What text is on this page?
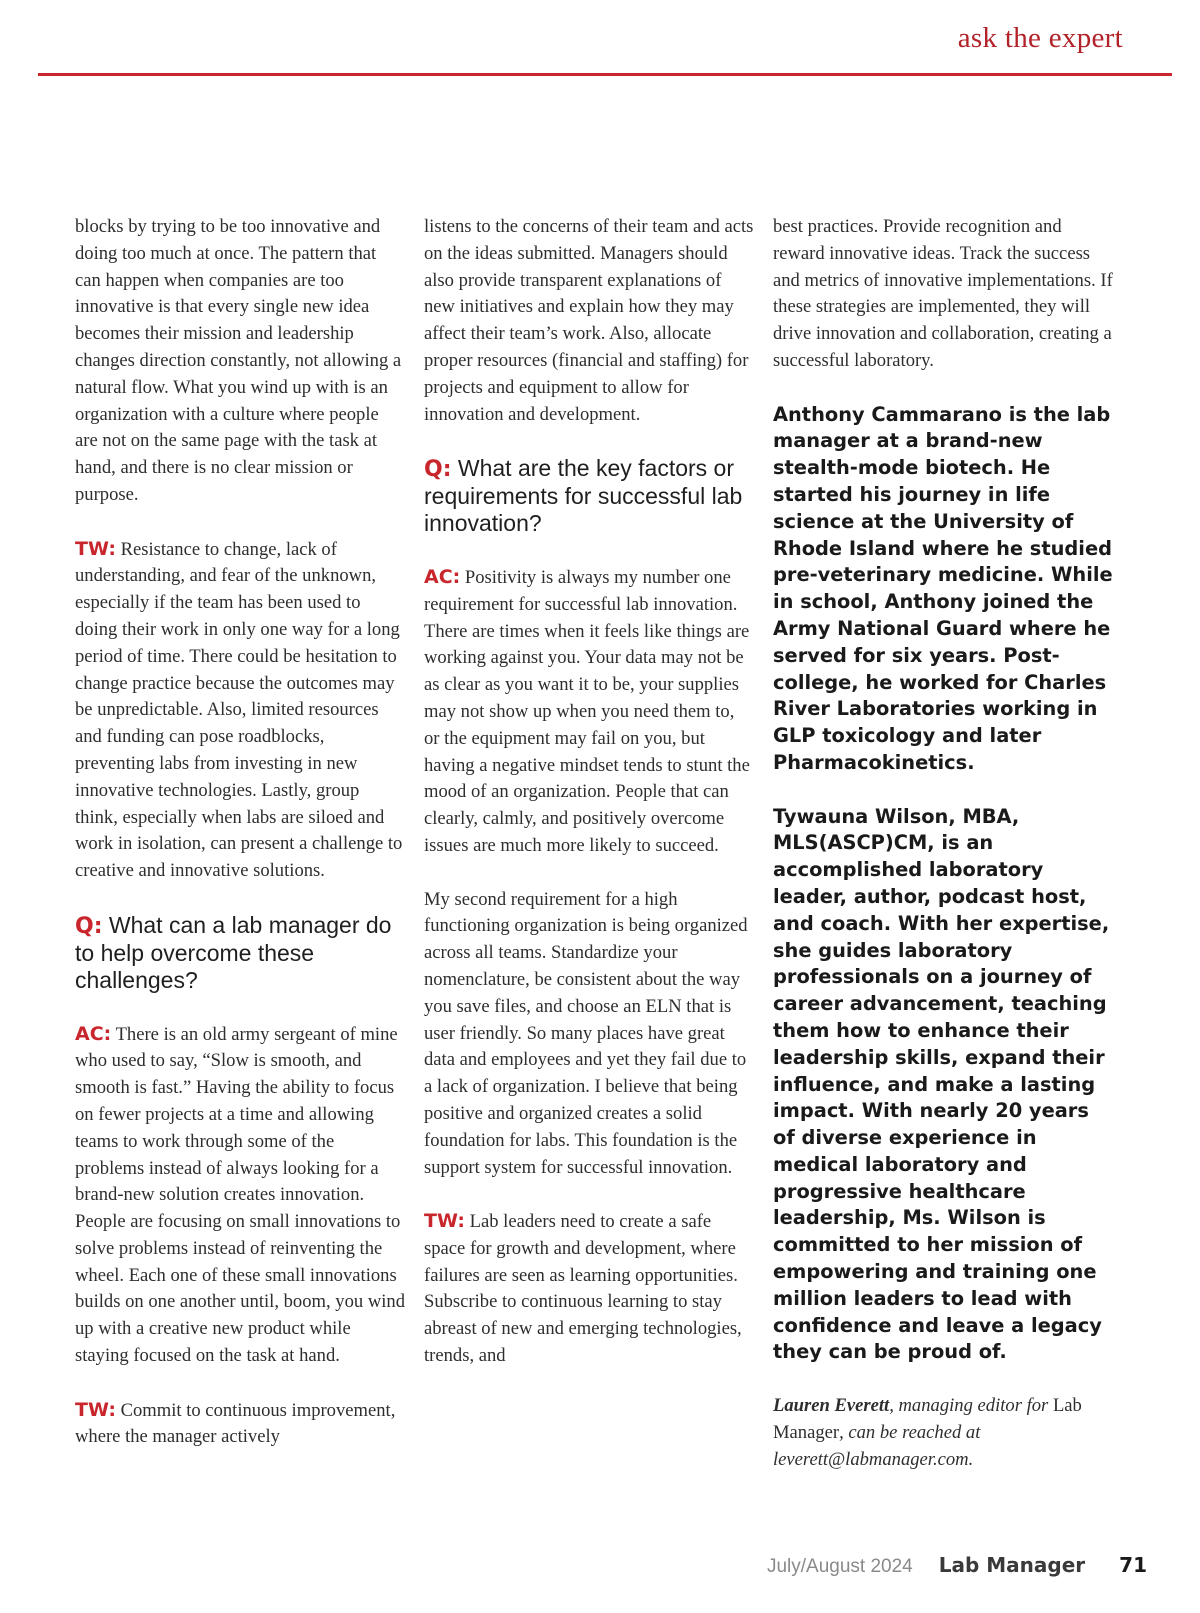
ask the expert

blocks by trying to be too innovative and doing too much at once. The pattern that can happen when companies are too innovative is that every single new idea becomes their mission and leadership changes direction constantly, not allowing a natural flow. What you wind up with is an organization with a culture where people are not on the same page with the task at hand, and there is no clear mission or purpose.

TW: Resistance to change, lack of understanding, and fear of the unknown, especially if the team has been used to doing their work in only one way for a long period of time. There could be hesitation to change practice because the outcomes may be unpredictable. Also, limited resources and funding can pose roadblocks, preventing labs from investing in new innovative technologies. Lastly, group think, especially when labs are siloed and work in isolation, can present a challenge to creative and innovative solutions.

Q: What can a lab manager do to help overcome these challenges?

AC: There is an old army sergeant of mine who used to say, “Slow is smooth, and smooth is fast.” Having the ability to focus on fewer projects at a time and allowing teams to work through some of the problems instead of always looking for a brand-new solution creates innovation. People are focusing on small innovations to solve problems instead of reinventing the wheel. Each one of these small innovations builds on one another until, boom, you wind up with a creative new product while staying focused on the task at hand.

TW: Commit to continuous improvement, where the manager actively

listens to the concerns of their team and acts on the ideas submitted. Managers should also provide transparent explanations of new initiatives and explain how they may affect their team’s work. Also, allocate proper resources (financial and staffing) for projects and equipment to allow for innovation and development.

Q: What are the key factors or requirements for successful lab innovation?

AC: Positivity is always my number one requirement for successful lab innovation. There are times when it feels like things are working against you. Your data may not be as clear as you want it to be, your supplies may not show up when you need them to, or the equipment may fail on you, but having a negative mindset tends to stunt the mood of an organization. People that can clearly, calmly, and positively overcome issues are much more likely to succeed.

My second requirement for a high functioning organization is being organized across all teams. Standardize your nomenclature, be consistent about the way you save files, and choose an ELN that is user friendly. So many places have great data and employees and yet they fail due to a lack of organization. I believe that being positive and organized creates a solid foundation for labs. This foundation is the support system for successful innovation.

TW: Lab leaders need to create a safe space for growth and development, where failures are seen as learning opportunities. Subscribe to continuous learning to stay abreast of new and emerging technologies, trends, and

best practices. Provide recognition and reward innovative ideas. Track the success and metrics of innovative implementations. If these strategies are implemented, they will drive innovation and collaboration, creating a successful laboratory.

Anthony Cammarano is the lab manager at a brand-new stealth-mode biotech. He started his journey in life science at the University of Rhode Island where he studied pre-veterinary medicine. While in school, Anthony joined the Army National Guard where he served for six years. Post-college, he worked for Charles River Laboratories working in GLP toxicology and later Pharmacokinetics.

Tywauna Wilson, MBA, MLS(ASCP)CM, is an accomplished laboratory leader, author, podcast host, and coach. With her expertise, she guides laboratory professionals on a journey of career advancement, teaching them how to enhance their leadership skills, expand their influence, and make a lasting impact. With nearly 20 years of diverse experience in medical laboratory and progressive healthcare leadership, Ms. Wilson is committed to her mission of empowering and training one million leaders to lead with confidence and leave a legacy they can be proud of.

Lauren Everett, managing editor for Lab Manager, can be reached at leverett@labmanager.com.

July/August 2024 Lab Manager 71
